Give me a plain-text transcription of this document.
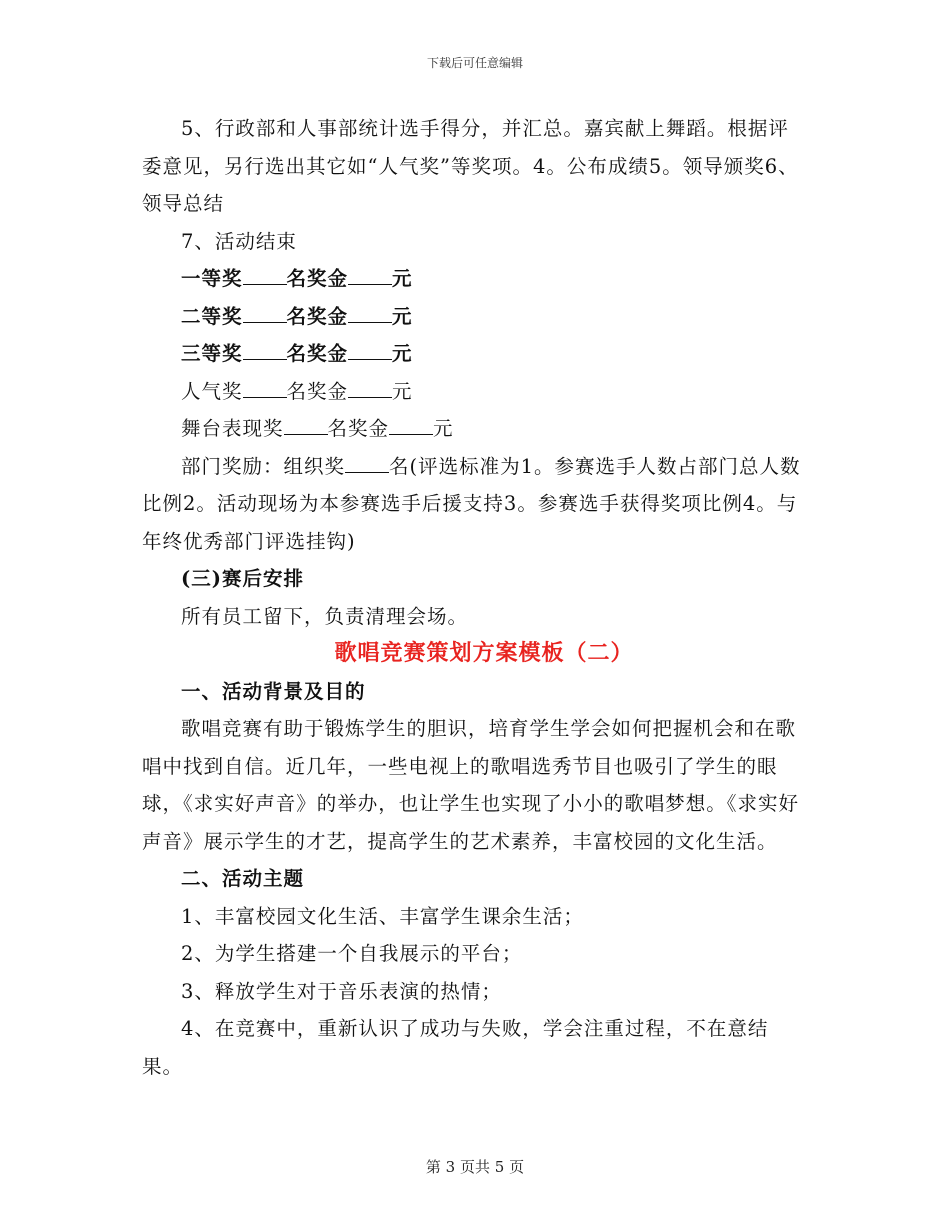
下载后可任意编辑

5、行政部和人事部统计选手得分，并汇总。嘉宾献上舞蹈。根据评委意见，另行选出其它如“人气奖”等奖项。4。公布成绩5。领导颁奖6、领导总结

7、活动结束

一等奖 名奖金 元

二等奖 名奖金 元

三等奖 名奖金 元

人气奖 名奖金 元

舞台表现奖 名奖金 元

部门奖励：组织奖 名(评选标准为1。参赛选手人数占部门总人数比例2。活动现场为本参赛选手后援支持3。参赛选手获得奖项比例4。与年终优秀部门评选挂钩)

(三)赛后安排

所有员工留下，负责清理会场。

歌唱竞赛策划方案模板（二）

一、活动背景及目的

歌唱竞赛有助于锻炼学生的胆识，培育学生学会如何把握机会和在歌唱中找到自信。近几年，一些电视上的歌唱选秀节目也吸引了学生的眼球，《求实好声音》的举办，也让学生也实现了小小的歌唱梦想。《求实好声音》展示学生的才艺，提高学生的艺术素养，丰富校园的文化生活。

二、活动主题

1、丰富校园文化生活、丰富学生课余生活；

2、为学生搭建一个自我展示的平台；

3、释放学生对于音乐表演的热情；

4、在竞赛中，重新认识了成功与失败，学会注重过程，不在意结果。

第 3 页共 5 页
